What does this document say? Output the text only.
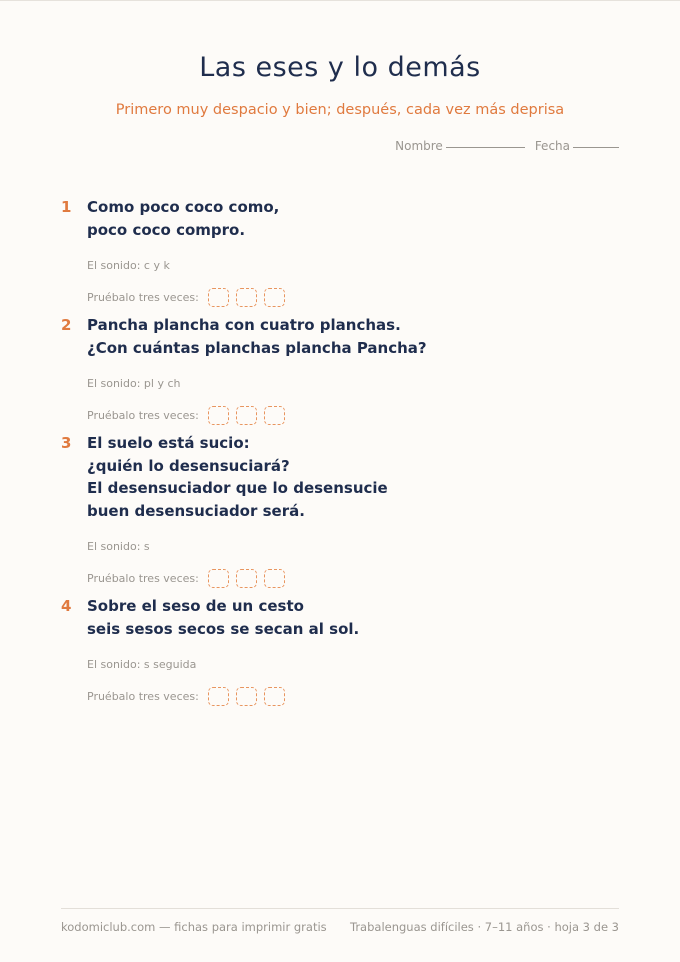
Las eses y lo demás

Primero muy despacio y bien; después, cada vez más deprisa

Nombre	Fecha
1	Como poco coco como,
poco coco compro.
El sonido: c y k
Pruébalo tres veces:
2	Pancha plancha con cuatro planchas.
¿Con cuántas planchas plancha Pancha?
El sonido: pl y ch
Pruébalo tres veces:
3	El suelo está sucio:
¿quién lo desensuciará?
El desensuciador que lo desensucie
buen desensuciador será.
El sonido: s
Pruébalo tres veces:
4	Sobre el seso de un cesto
seis sesos secos se secan al sol.
El sonido: s seguida
Pruébalo tres veces:
kodomiclub.com — fichas para imprimir gratis Trabalenguas difíciles · 7–11 años · hoja 3 de 3
